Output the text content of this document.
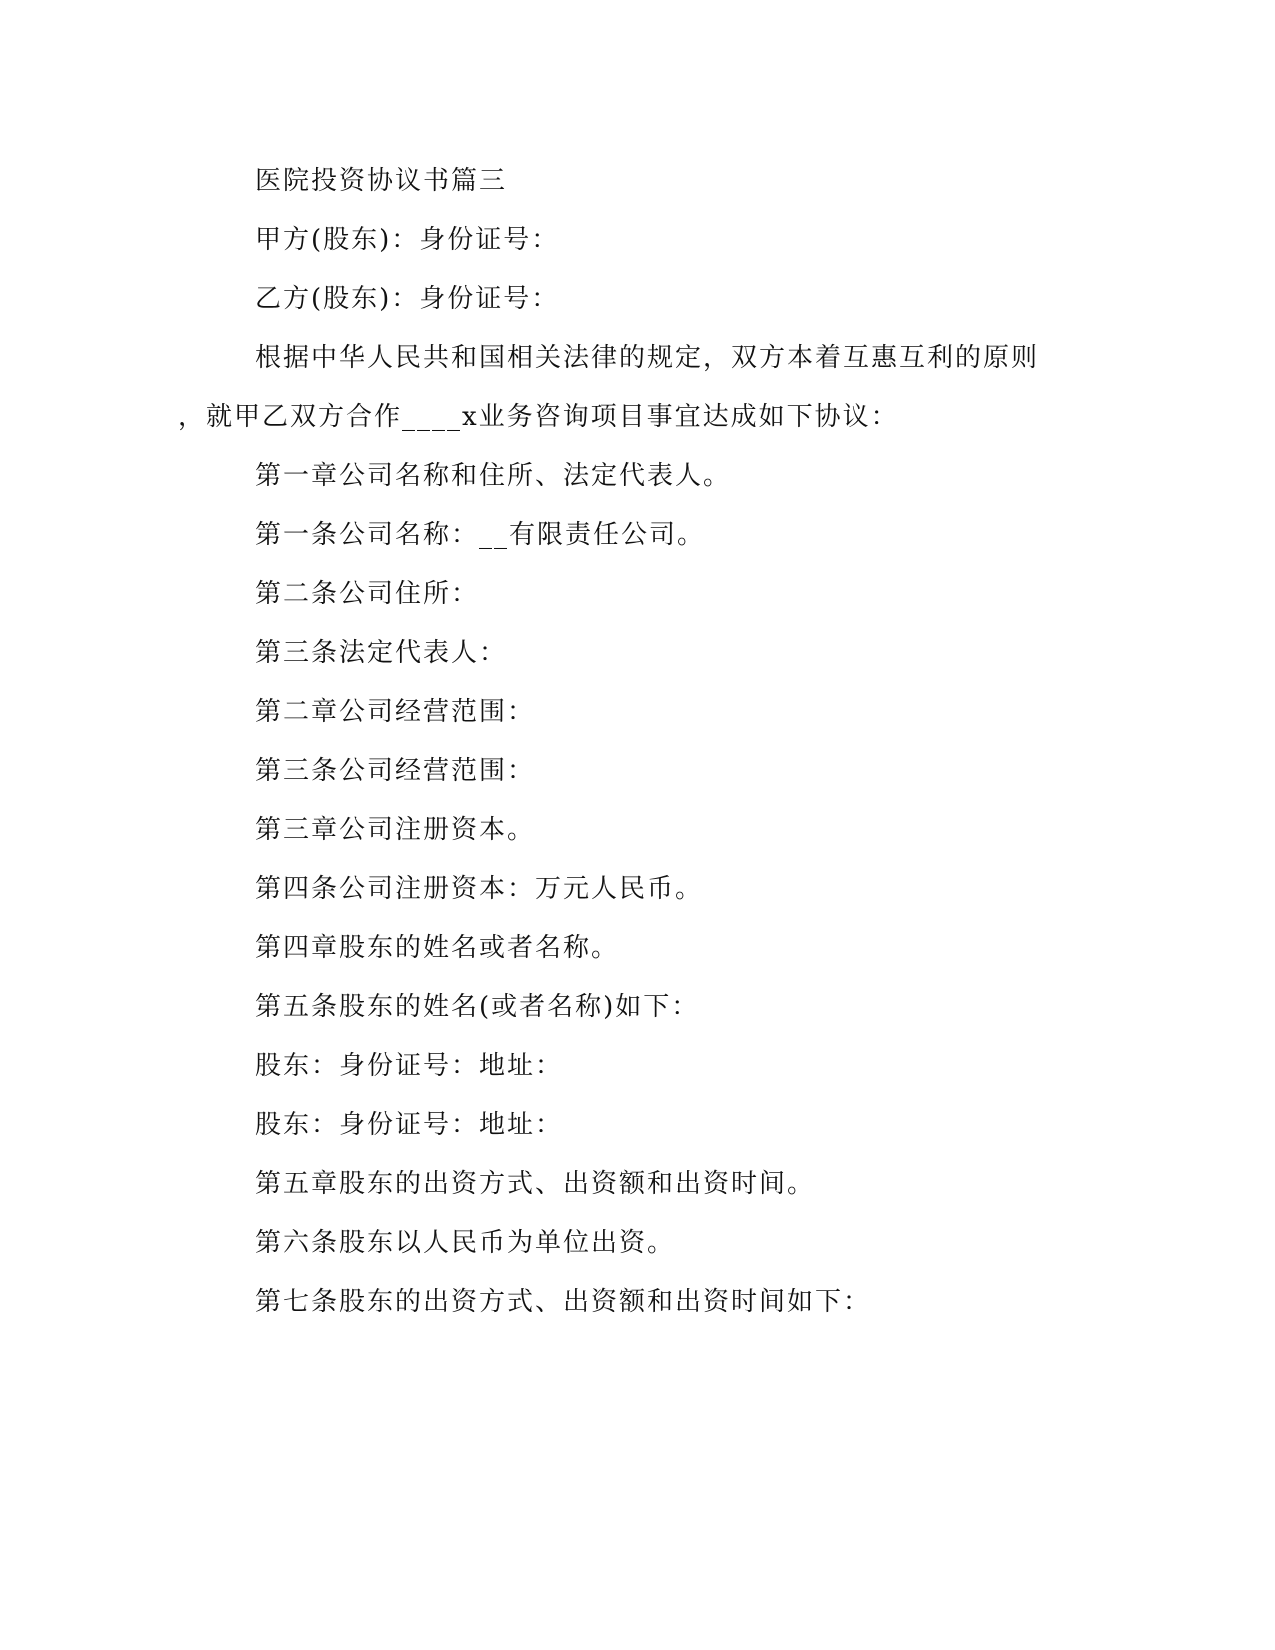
医院投资协议书篇三
甲方(股东)：身份证号：
乙方(股东)：身份证号：
根据中华人民共和国相关法律的规定，双方本着互惠互利的原则
，就甲乙双方合作____x业务咨询项目事宜达成如下协议：
第一章公司名称和住所、法定代表人。
第一条公司名称：__有限责任公司。
第二条公司住所：
第三条法定代表人：
第二章公司经营范围：
第三条公司经营范围：
第三章公司注册资本。
第四条公司注册资本：万元人民币。
第四章股东的姓名或者名称。
第五条股东的姓名(或者名称)如下：
股东：身份证号：地址：
股东：身份证号：地址：
第五章股东的出资方式、出资额和出资时间。
第六条股东以人民币为单位出资。
第七条股东的出资方式、出资额和出资时间如下：
